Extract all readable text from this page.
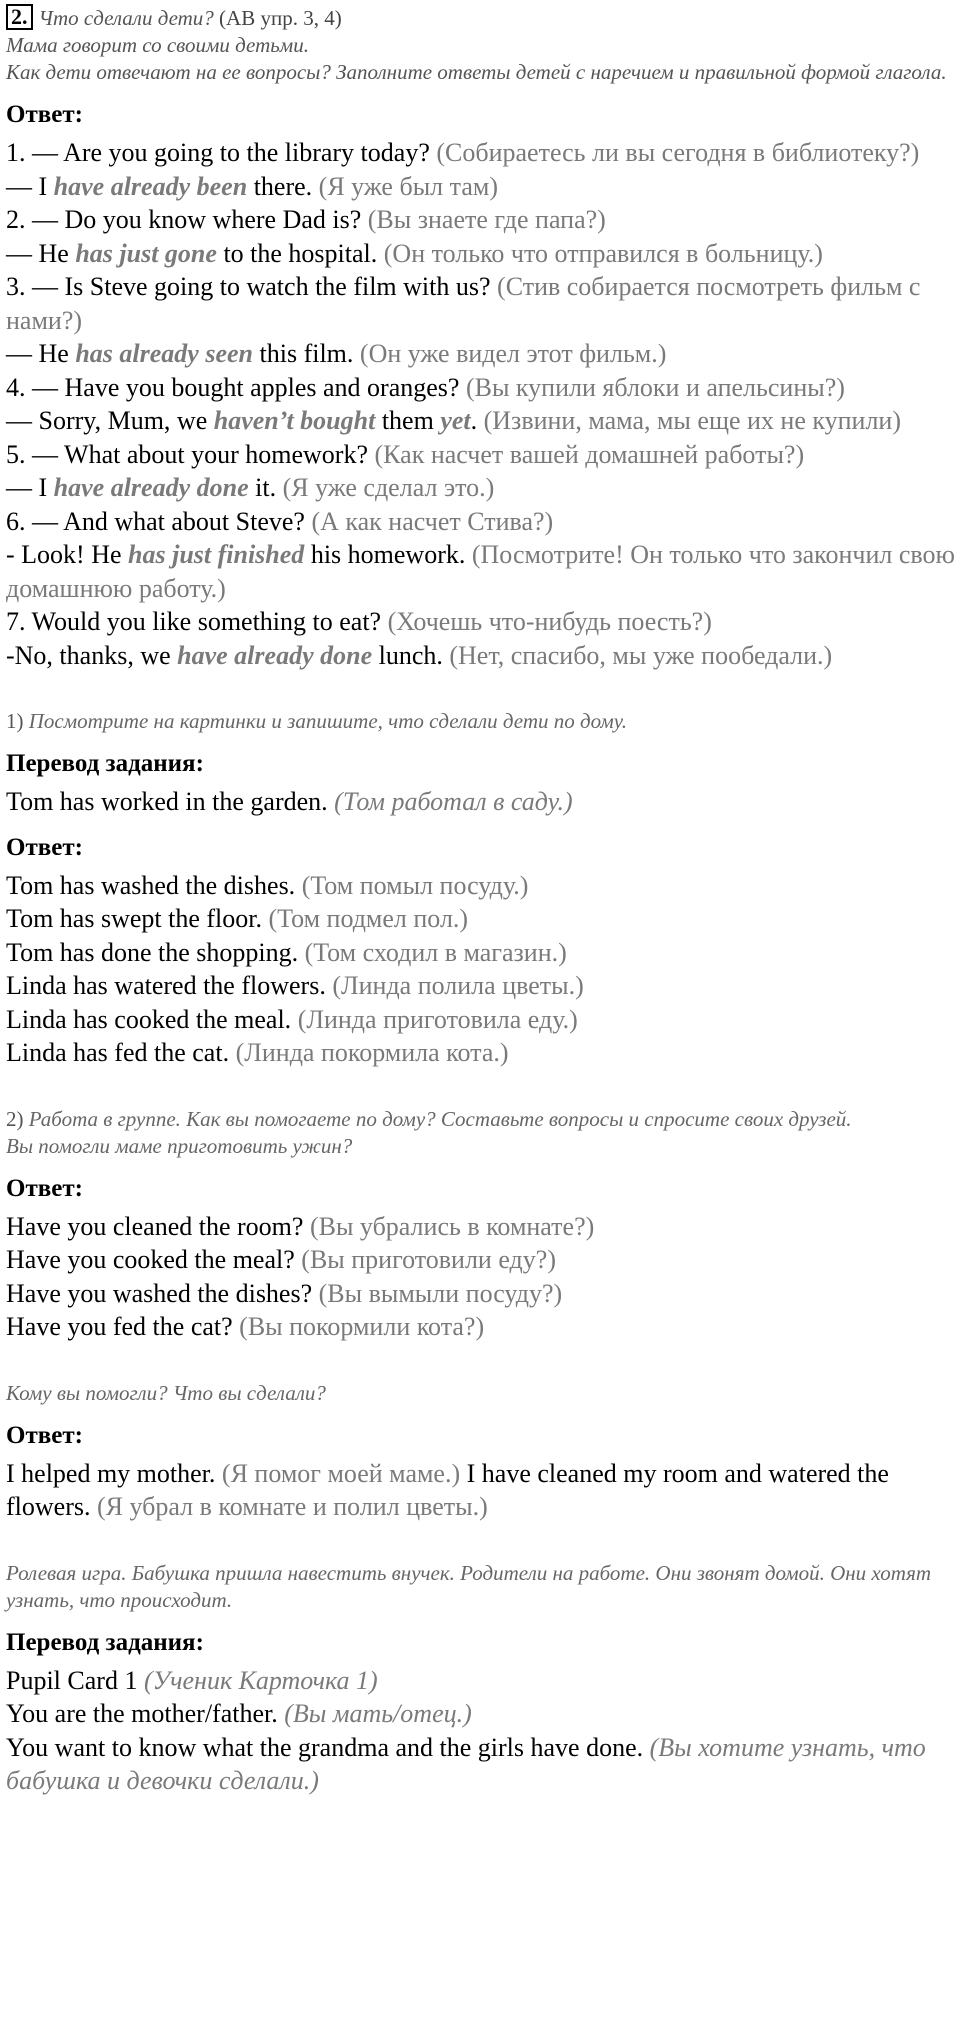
2. Что сделали дети? (AB упр. 3, 4)
Мама говорит со своими детьми.
Как дети отвечают на ее вопросы? Заполните ответы детей с наречием и правильной формой глагола.
Ответ:
1. — Are you going to the library today? (Собираетесь ли вы сегодня в библиотеку?)
— I have already been there. (Я уже был там)
2. — Do you know where Dad is? (Вы знаете где папа?)
— He has just gone to the hospital. (Он только что отправился в больницу.)
3. — Is Steve going to watch the film with us? (Стив собирается посмотреть фильм с нами?)
— He has already seen this film. (Он уже видел этот фильм.)
4. — Have you bought apples and oranges? (Вы купили яблоки и апельсины?)
— Sorry, Mum, we haven’t bought them yet. (Извини, мама, мы еще их не купили)
5. — What about your homework? (Как насчет вашей домашней работы?)
— I have already done it. (Я уже сделал это.)
6. — And what about Steve? (А как насчет Стива?)
- Look! He has just finished his homework. (Посмотрите! Он только что закончил свою домашнюю работу.)
7. Would you like something to eat? (Хочешь что-нибудь поесть?)
-No, thanks, we have already done lunch. (Нет, спасибо, мы уже пообедали.)
1) Посмотрите на картинки и запишите, что сделали дети по дому.
Перевод задания:
Tom has worked in the garden. (Том работал в саду.)
Ответ:
Tom has washed the dishes. (Том помыл посуду.)
Tom has swept the floor. (Том подмел пол.)
Tom has done the shopping. (Том сходил в магазин.)
Linda has watered the flowers. (Линда полила цветы.)
Linda has cooked the meal. (Линда приготовила еду.)
Linda has fed the cat. (Линда покормила кота.)
2) Работа в группе. Как вы помогаете по дому? Составьте вопросы и спросите своих друзей.
Вы помогли маме приготовить ужин?
Ответ:
Have you cleaned the room? (Вы убрались в комнате?)
Have you cooked the meal? (Вы приготовили еду?)
Have you washed the dishes? (Вы вымыли посуду?)
Have you fed the cat? (Вы покормили кота?)
Кому вы помогли? Что вы сделали?
Ответ:
I helped my mother. (Я помог моей маме.) I have cleaned my room and watered the flowers. (Я убрал в комнате и полил цветы.)
Ролевая игра. Бабушка пришла навестить внучек. Родители на работе. Они звонят домой. Они хотят узнать, что происходит.
Перевод задания:
Pupil Card 1 (Ученик Карточка 1)
You are the mother/father. (Вы мать/отец.)
You want to know what the grandma and the girls have done. (Вы хотите узнать, что бабушка и девочки сделали.)
